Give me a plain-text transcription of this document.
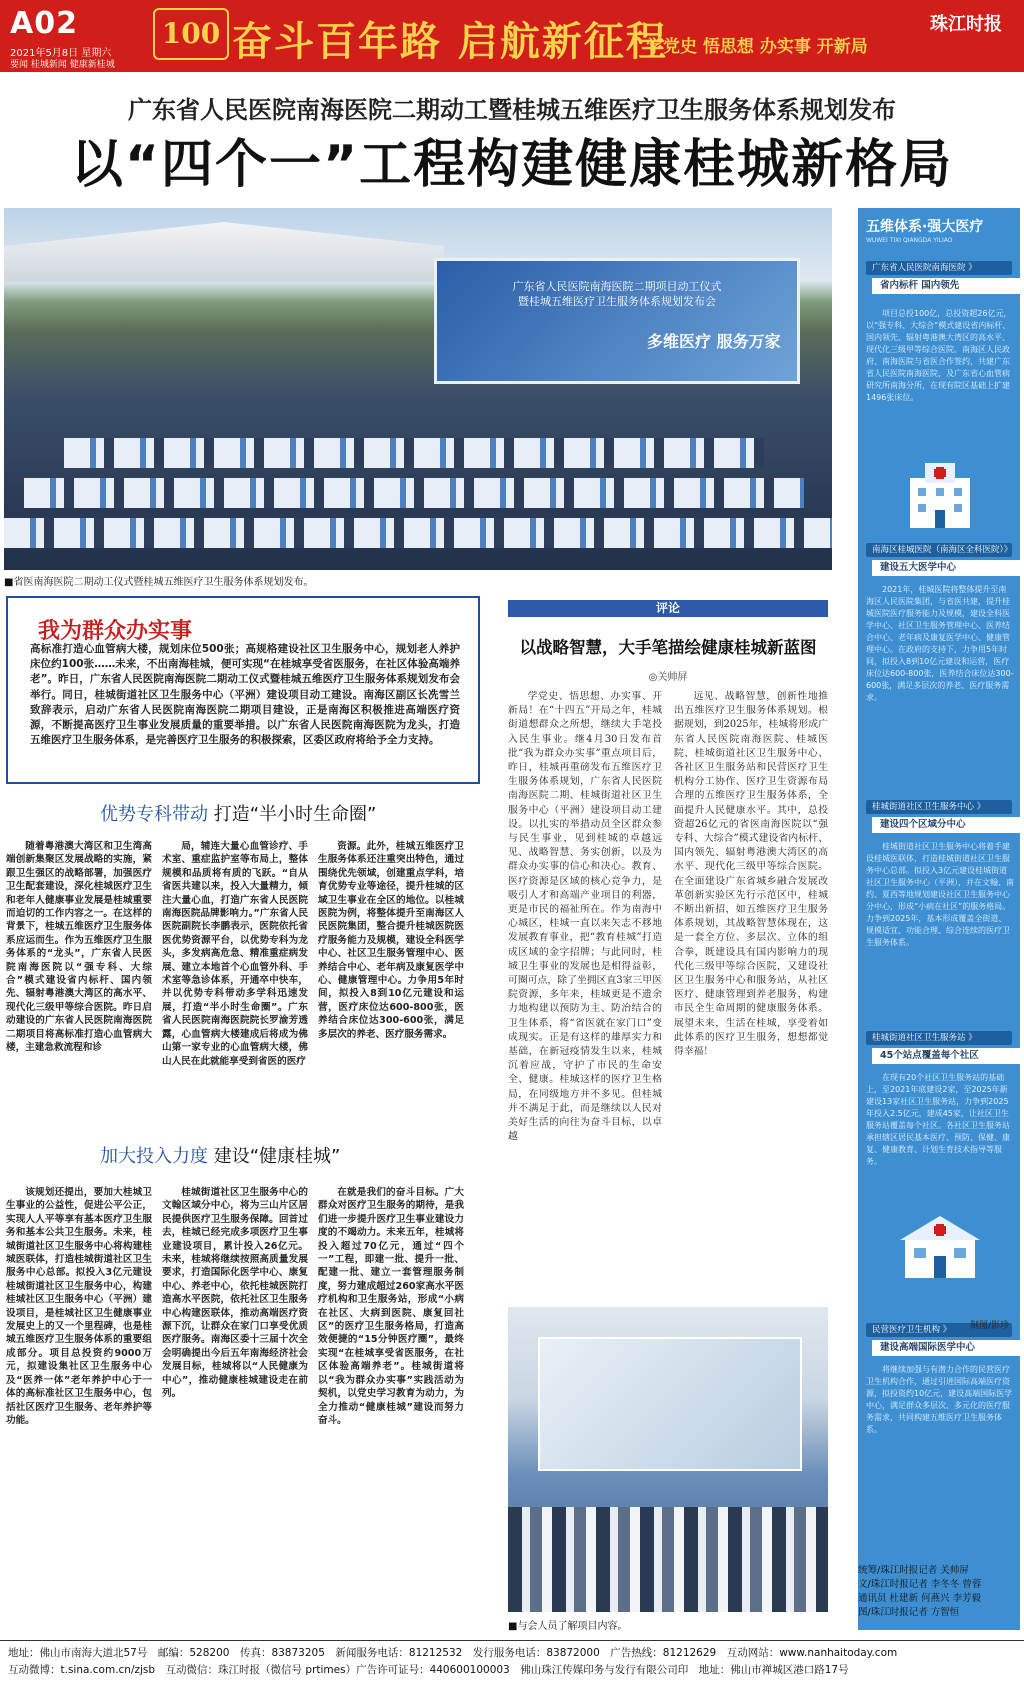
A02
2021年5月8日 星期六
要闻 桂城新闻 健康新桂城
100 奋斗百年路 启航新征程
学党史 悟思想 办实事 开新局
珠江时报
广东省人民医院南海医院二期动工暨桂城五维医疗卫生服务体系规划发布
以“四个一”工程构建健康桂城新格局
广东省人民医院南海医院二期项目动工仪式
暨桂城五维医疗卫生服务体系规划发布会
多维医疗 服务万家
■省医南海医院二期动工仪式暨桂城五维医疗卫生服务体系规划发布。
我为群众办实事
高标准打造心血管病大楼，规划床位500张；高规格建设社区卫生服务中心，规划老人养护床位约100张……未来，不出南海桂城，便可实现“在桂城享受省医服务，在社区体验高端养老”。昨日，广东省人民医院南海医院二期动工仪式暨桂城五维医疗卫生服务体系规划发布会举行。同日，桂城街道社区卫生服务中心（平洲）建设项目动工建设。南海区副区长冼雪兰致辞表示，启动广东省人民医院南海医院二期项目建设，正是南海区积极推进高端医疗资源，不断提高医疗卫生事业发展质量的重要举措。以广东省人民医院南海医院为龙头，打造五维医疗卫生服务体系，是完善医疗卫生服务的积极探索，区委区政府将给予全力支持。
优势专科带动 打造“半小时生命圈”

随着粤港澳大湾区和卫生湾高端创新集聚区发展战略的实施，紧跟卫生强区的战略部署，加强医疗卫生配套建设，深化桂城医疗卫生和老年人健康事业发展是桂城重要而迫切的工作内容之一。在这样的背景下，桂城五维医疗卫生服务体系应运而生。作为五维医疗卫生服务体系的“龙头”，广东省人民医院南海医院以“强专科、大综合”模式建设省内标杆、国内领先、辐射粤港澳大湾区的高水平、现代化三级甲等综合医院。昨日启动建设的广东省人民医院南海医院二期项目将高标准打造心血管病大楼，主建急救流程和诊

局，辅连大量心血管诊疗、手术室、重症监护室等布局上，整体规模和品质将有质的飞跃。“自从省医共建以来，投入大量精力，倾注大量心血，打造广东省人民医院南海医院品牌影响力。”广东省人民医院副院长李鹏表示，医院依托省医优势资源平台，以优势专科为龙头，多发病高危急、精准重症病发展、建立本地首个心血管外科、手术室等急诊体系，开通卒中快车，并以优势专科带动多学科迅速发展，打造“半小时生命圈”。广东省人民医院南海医院院长罗渝芳透露，心血管病大楼建成后将成为佛山第一家专业的心血管病大楼，佛山人民在此就能享受到省医的医疗

资源。此外，桂城五维医疗卫生服务体系还注重突出特色，通过围绕优先领域，创建重点学科，培育优势专业等途径，提升桂城的区域卫生事业在全区的地位。以桂城医院为例，将整体提升至南海区人民医院集团，整合提升桂城医院医疗服务能力及规模，建设全科医学中心、社区卫生服务管理中心、医养结合中心、老年病及康复医学中心、健康管理中心。力争用5年时间，拟投入8到10亿元建设和运营，医疗床位达600-800张，医养结合床位达300-600张，满足多层次的养老、医疗服务需求。

加大投入力度 建设“健康桂城”

该规划还提出，要加大桂城卫生事业的公益性，促进公平公正，实现人人平等享有基本医疗卫生服务和基本公共卫生服务。未来，桂城街道社区卫生服务中心将构建桂城医联体，打造桂城街道社区卫生服务中心总部。拟投入3亿元建设桂城街道社区卫生服务中心，构建桂城社区卫生服务中心（平洲）建设项目，是桂城社区卫生健康事业发展史上的又一个里程碑，也是桂城五维医疗卫生服务体系的重要组成部分。项目总投资约9000万元，拟建设集社区卫生服务中心及“医养一体”老年养护中心于一体的高标准社区卫生服务中心，包括社区医疗卫生服务、老年养护等功能。

桂城街道社区卫生服务中心的文翰区域分中心，将为三山片区居民提供医疗卫生服务保障。回首过去，桂城已经完成多项医疗卫生事业建设项目，累计投入26亿元。未来，桂城将继续按照高质量发展要求，打造国际化医学中心、康复中心、养老中心，依托桂城医院打造高水平医院，依托社区卫生服务中心构建医联体，推动高端医疗资源下沉，让群众在家门口享受优质医疗服务。南海区委十三届十次全会明确提出今后五年南海经济社会发展目标，桂城将以“人民健康为中心”，推动健康桂城建设走在前列。

在就是我们的奋斗目标。广大群众对医疗卫生服务的期待，是我们进一步提升医疗卫生事业建设力度的不竭动力。未来五年，桂城将投入超过70亿元，通过“四个一”工程，即建一批、提升一批、配建一批、建立一套管理服务制度，努力建成超过260家高水平医疗机构和卫生服务站，形成“小病在社区、大病到医院、康复回社区”的医疗卫生服务格局，打造高效便捷的“15分钟医疗圈”，最终实现“在桂城享受省医服务，在社区体验高端养老”。桂城街道将以“我为群众办实事”实践活动为契机，以党史学习教育为动力，为全力推动“健康桂城”建设而努力奋斗。

评论
以战略智慧，大手笔描绘健康桂城新蓝图
◎关帅屏

学党史、悟思想、办实事、开新局！在“十四五”开局之年，桂城街道想群众之所想，继续大手笔投入民生事业。继4月30日发布首批“我为群众办实事”重点项目后，昨日，桂城再重磅发布五维医疗卫生服务体系规划，广东省人民医院南海医院二期、桂城街道社区卫生服务中心（平洲）建设项目动工建设。以扎实的举措动员全区群众参与民生事业，见到桂城的卓越远见、战略智慧、务实创新，以及为群众办实事的信心和决心。教育、医疗资源是区域的核心竞争力，是吸引人才和高端产业项目的利器，更是市民的福祉所在。作为南海中心城区，桂城一直以来矢志不移地发展教育事业，把“教育桂城”打造成区域的金字招牌；与此同时，桂城卫生事业的发展也是相得益彰，可圈可点，除了坐拥区直3家三甲医院资源，多年来，桂城更是不遗余力地构建以预防为主、防治结合的卫生体系，将“省医就在家门口”变成现实。正是有这样的雄厚实力和基础，在新冠疫情发生以来，桂城沉着应战，守护了市民的生命安全、健康。桂城这样的医疗卫生格局，在同级地方并不多见。但桂城并不满足于此，而是继续以人民对美好生活的向往为奋斗目标，以卓越

远见、战略智慧，创新性地推出五维医疗卫生服务体系规划。根据规划，到2025年，桂城将形成广东省人民医院南海医院、桂城医院、桂城街道社区卫生服务中心、各社区卫生服务站和民营医疗卫生机构分工协作、医疗卫生资源布局合理的五维医疗卫生服务体系，全面提升人民健康水平。其中，总投资超26亿元的省医南海医院以“强专科、大综合”模式建设省内标杆、国内领先、辐射粤港澳大湾区的高水平、现代化三级甲等综合医院。在全面建设广东省城乡融合发展改革创新实验区先行示范区中，桂城不断出新招，如五维医疗卫生服务体系规划，其战略智慧体现在，这是一套全方位、多层次、立体的组合拳，既建设具有国内影响力的现代化三级甲等综合医院，又建设社区卫生服务中心和服务站，从社区医疗、健康管理到养老服务，构建市民全生命周期的健康服务体系。展望未来，生活在桂城，享受着如此体系的医疗卫生服务，想想都觉得幸福！

■与会人员了解项目内容。
五维体系·强大医疗
WUWEI TIXI QIANGDA YILIAO
广东省人民医院南海医院 》
省内标杆 国内领先

项目总投100亿，总投资超26亿元，以“强专科、大综合”模式建设省内标杆、国内领先、辐射粤港澳大湾区的高水平、现代化三级甲等综合医院。南海区人民政府、南海医院与省医合作签约，共建广东省人民医院南海医院，及广东省心血管病研究所南海分所，在现有院区基础上扩建1496张床位。

南海区桂城医院（南海区全科医院）》
建设五大医学中心

2021年，桂城医院将整体提升至南海区人民医院集团，与省医共建，提升桂城医院医疗服务能力及规模，建设全科医学中心、社区卫生服务管理中心、医养结合中心、老年病及康复医学中心、健康管理中心。在政府的支持下，力争用5年时间，拟投入8到10亿元建设和运营，医疗床位达600-800张，医养结合床位达300-600张，满足多层次的养老、医疗服务需求。

桂城街道社区卫生服务中心 》
建设四个区域分中心

桂城街道社区卫生服务中心将着手建设桂城医联体，打造桂城街道社区卫生服务中心总部。拟投入3亿元建设桂城街道社区卫生服务中心（平洲），并在文翰、南约、夏西等地规划建设社区卫生服务中心分中心，形成“小病在社区”的服务格局。力争到2025年，基本形成覆盖全街道、规模适宜、功能合理、综合连续的医疗卫生服务体系。

桂城街道社区卫生服务站 》
45个站点覆盖每个社区

在现有20个社区卫生服务站的基础上，至2021年底建设2家，至2025年新建设13家社区卫生服务站，力争到2025年投入2.5亿元，建成45家，让社区卫生服务站覆盖每个社区。各社区卫生服务站承担辖区居民基本医疗、预防、保健、康复、健康教育、计划生育技术指导等服务。

民营医疗卫生机构 》
建设高端国际医学中心

将继续加强与有潜力合作的民营医疗卫生机构合作，通过引进国际高端医疗资源，拟投资约10亿元，建设高端国际医学中心，满足群众多层次、多元化的医疗服务需求，共同构建五维医疗卫生服务体系。

制图/影珍
统筹/珠江时报记者 关帅屏
文/珠江时报记者 李冬冬 曾蓉
通讯员 杜建新 何燕兴 李芳毅
图/珠江时报记者 方智恒
地址：佛山市南海大道北57号　邮编：528200　传真：83873205　新闻服务电话：81212532　发行服务电话：83872000　广告热线：81212629　互动网站：www.nanhaitoday.com
互动微博：t.sina.com.cn/zjsb　互动微信：珠江时报（微信号 prtimes）广告许可证号：440600100003　佛山珠江传媒印务与发行有限公司印　地址：佛山市禅城区港口路17号
